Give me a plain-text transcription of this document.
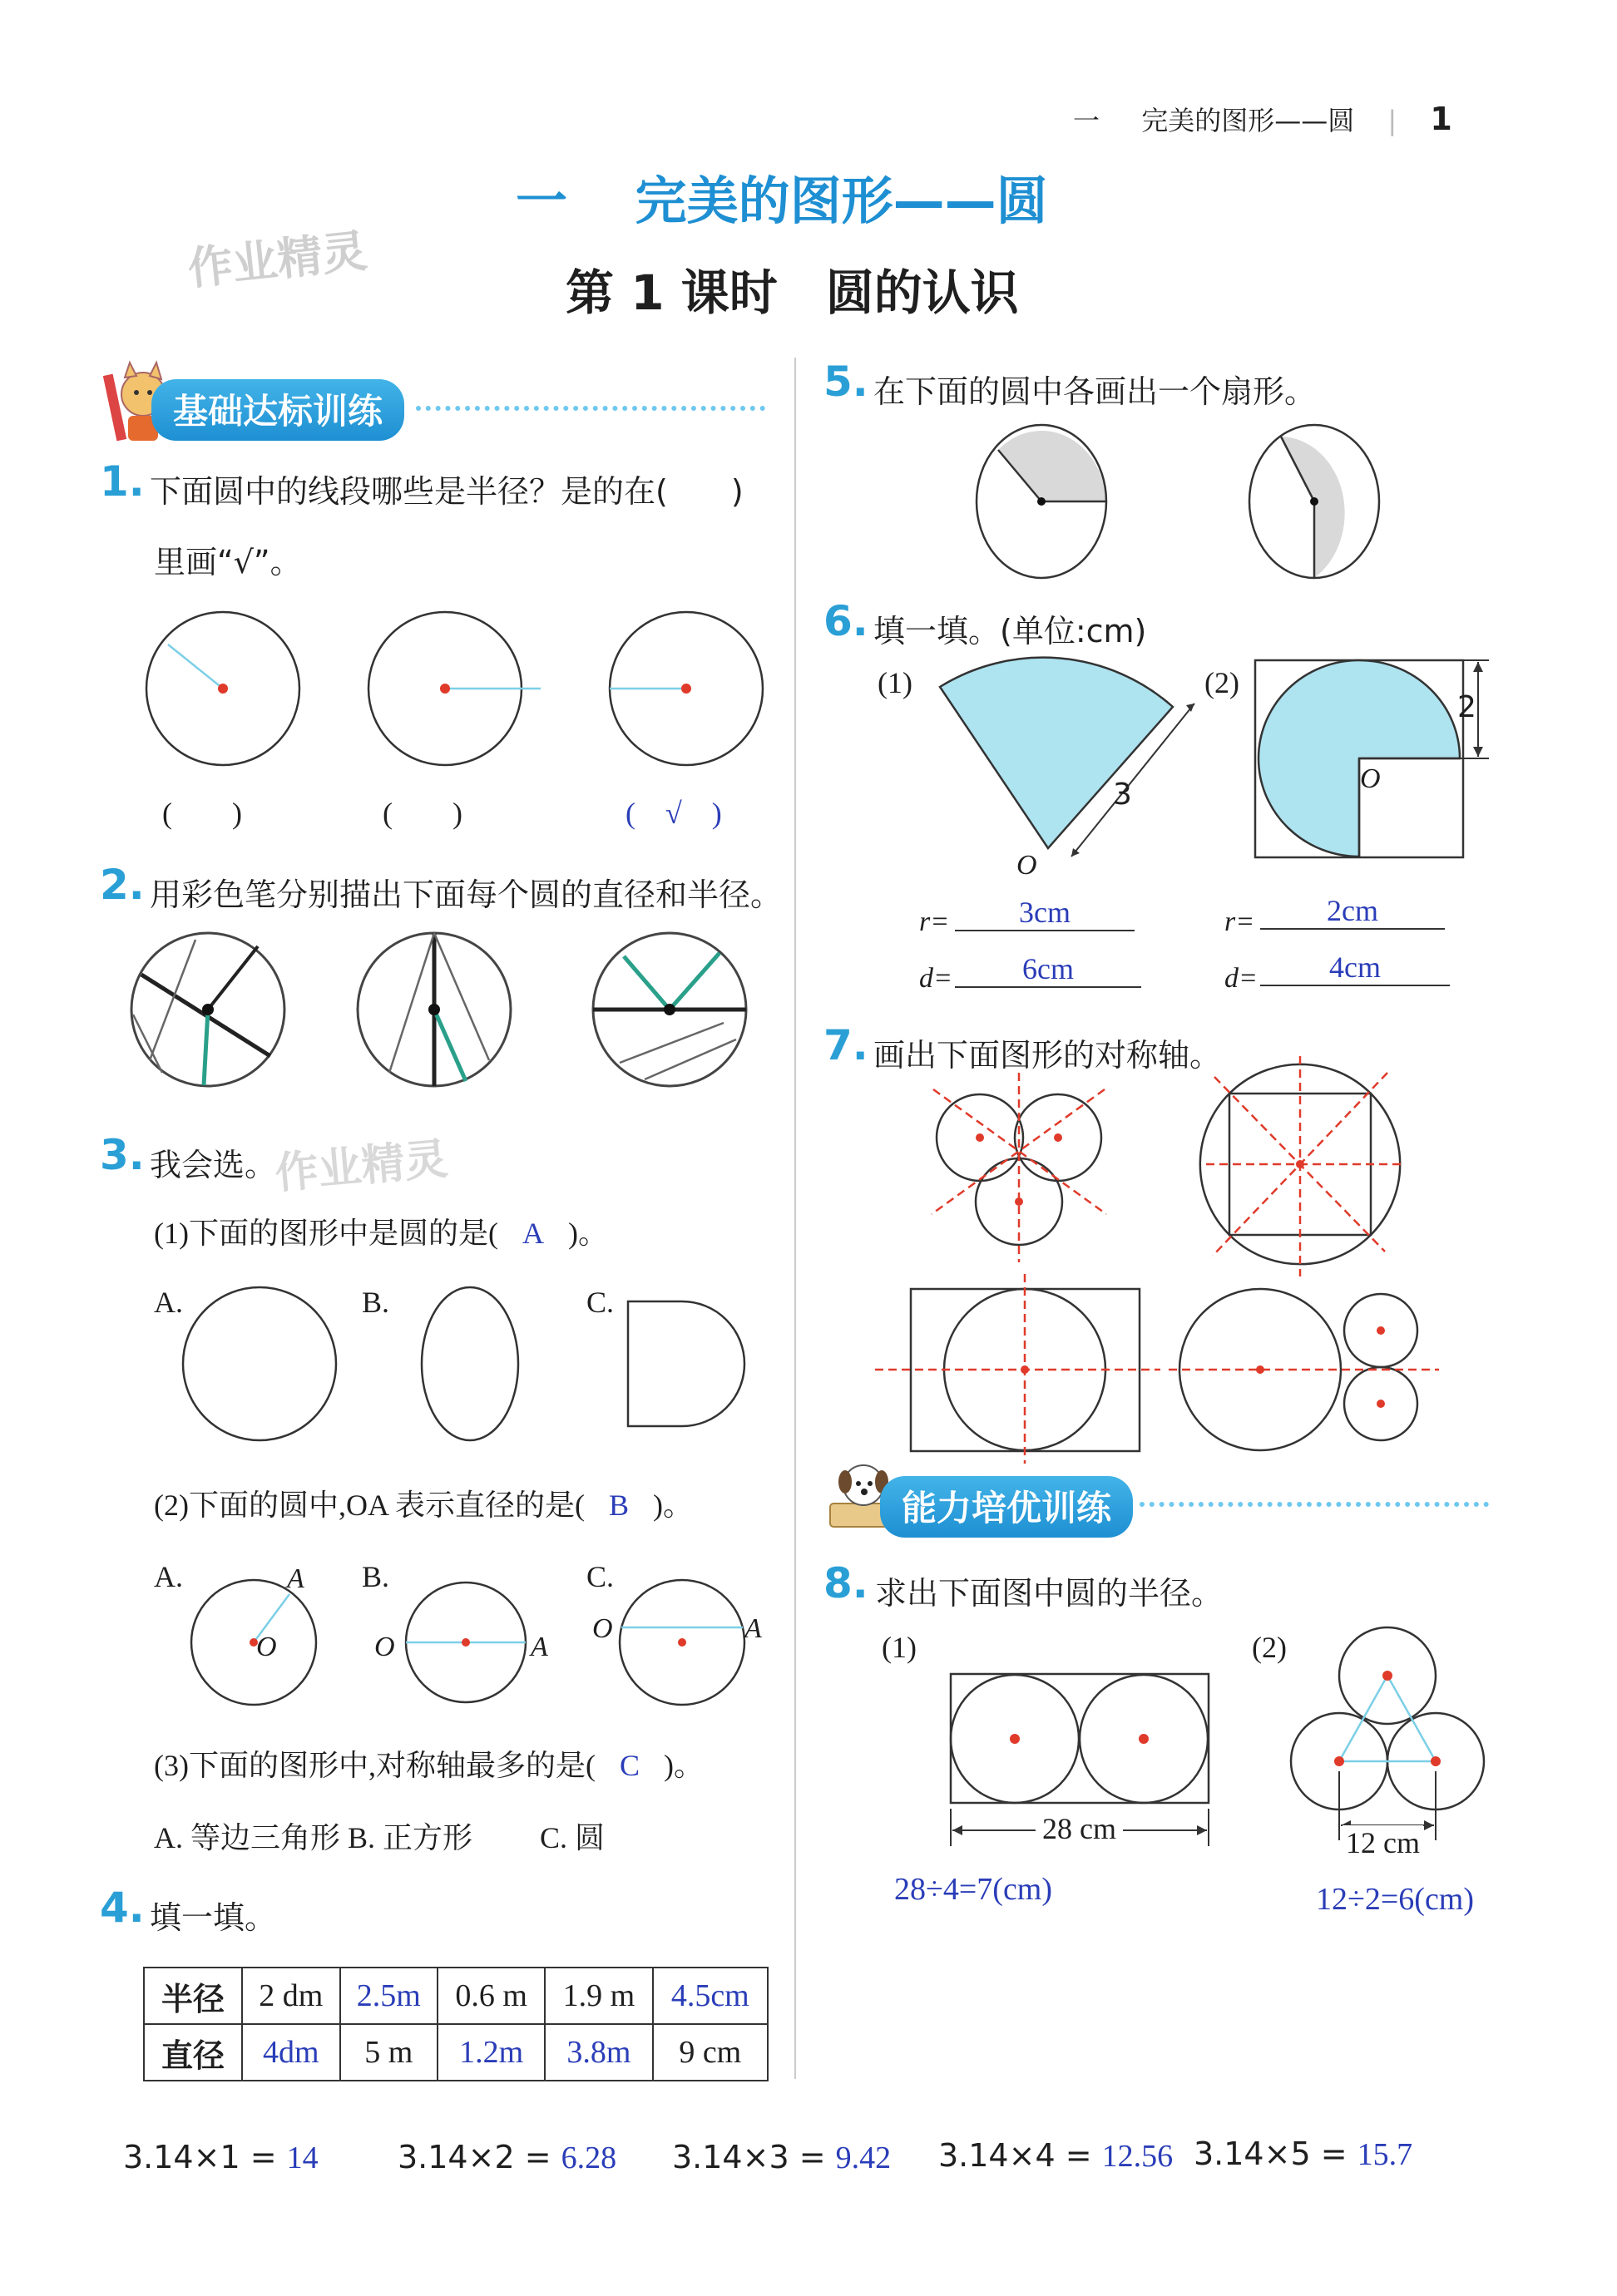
一 完美的图形——圆 | 1
一 完美的图形——圆
第 1 课时　圆的认识
作业精灵
基础达标训练
1. 下面圆中的线段哪些是半径？是的在(　　)
里画“√”。
(　　)	(　　)	(　√　)
2. 用彩色笔分别描出下面每个圆的直径和半径。
3. 我会选。
作业精灵
(1)下面的图形中是圆的是( A )。
A.	B.	C.
(2)下面的圆中,OA 表示直径的是( B )。
A.	B.	C.
O
A
O	A
O	A
(3)下面的图形中,对称轴最多的是( C )。
A. 等边三角形 B. 正方形　　 C. 圆
4. 填一填。
半径	2 dm	2.5m	0.6 m	1.9 m	4.5cm
直径	4dm	5 m	1.2m	3.8m	9 cm
5. 在下面的圆中各画出一个扇形。
6. 填一填。(单位:cm)
(1)
3
O
(2)
2
O
r=	3cm
d=	6cm
r=	2cm
d=	4cm
7. 画出下面图形的对称轴。
能力培优训练
8. 求出下面图中圆的半径。
(1)
28 cm
28÷4=7(cm)
(2)
12 cm
12÷2=6(cm)
3.14×1 = 14	3.14×2 = 6.28 3.14×3 = 9.42 3.14×4 = 12.56 3.14×5 = 15.7
